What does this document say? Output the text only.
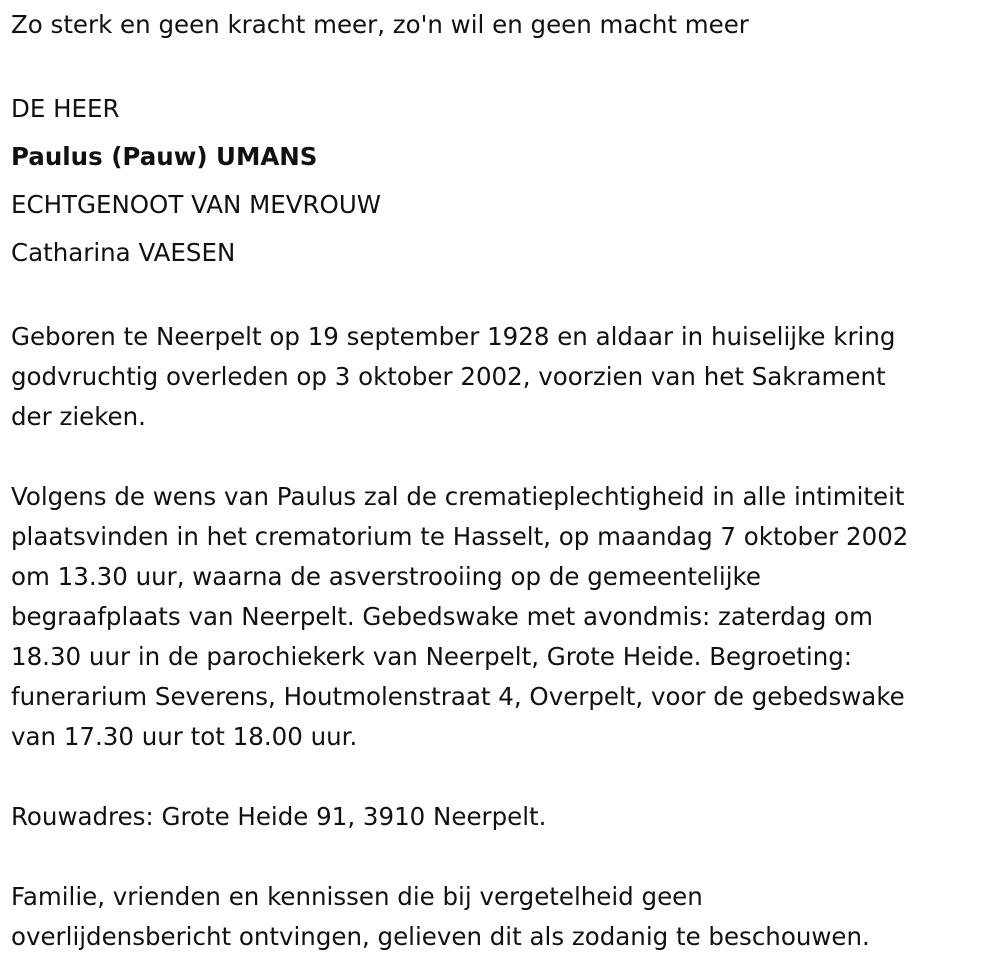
Zo sterk en geen kracht meer, zo'n wil en geen macht meer

DE HEER

Paulus (Pauw) UMANS

ECHTGENOOT VAN MEVROUW

Catharina VAESEN

Geboren te Neerpelt op 19 september 1928 en aldaar in huiselijke kring

godvruchtig overleden op 3 oktober 2002, voorzien van het Sakrament

der zieken.

Volgens de wens van Paulus zal de crematieplechtigheid in alle intimiteit

plaatsvinden in het crematorium te Hasselt, op maandag 7 oktober 2002

om 13.30 uur, waarna de asverstrooiing op de gemeentelijke

begraafplaats van Neerpelt. Gebedswake met avondmis: zaterdag om

18.30 uur in de parochiekerk van Neerpelt, Grote Heide. Begroeting:

funerarium Severens, Houtmolenstraat 4, Overpelt, voor de gebedswake

van 17.30 uur tot 18.00 uur.

Rouwadres: Grote Heide 91, 3910 Neerpelt.

Familie, vrienden en kennissen die bij vergetelheid geen

overlijdensbericht ontvingen, gelieven dit als zodanig te beschouwen.
